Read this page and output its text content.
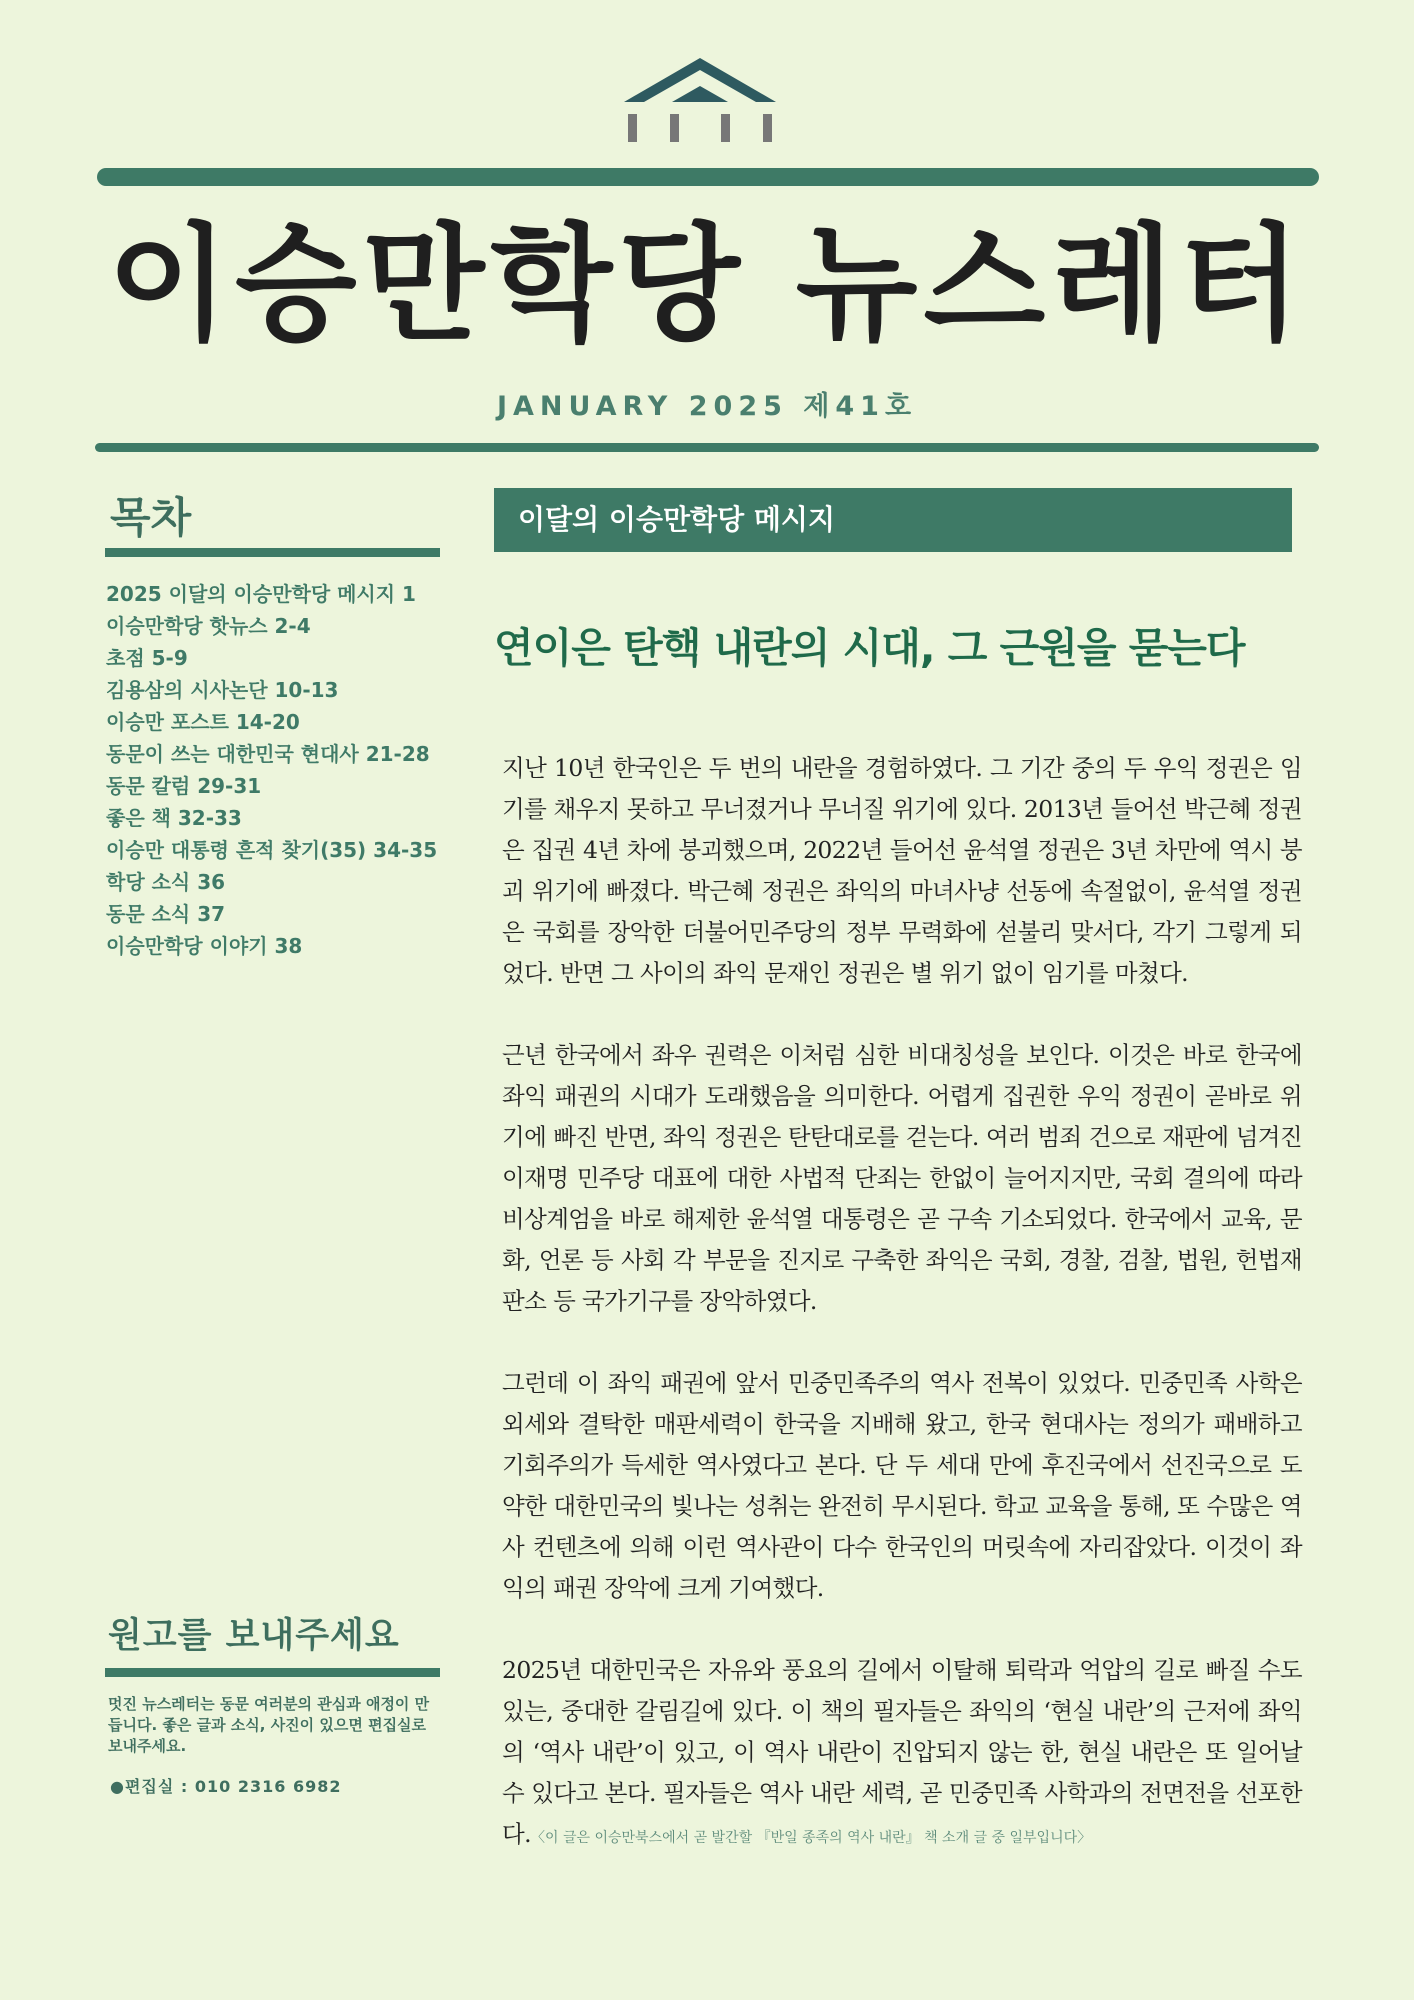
이승만학당 뉴스레터
JANUARY 2025 제41호
목차
2025 이달의 이승만학당 메시지 1
이승만학당 핫뉴스 2-4
초점 5-9
김용삼의 시사논단 10-13
이승만 포스트 14-20
동문이 쓰는 대한민국 현대사 21-28
동문 칼럼 29-31
좋은 책 32-33
이승만 대통령 흔적 찾기(35) 34-35
학당 소식 36
동문 소식 37
이승만학당 이야기 38
원고를 보내주세요
멋진 뉴스레터는 동문 여러분의 관심과 애정이 만듭니다. 좋은 글과 소식, 사진이 있으면 편집실로 보내주세요.
●편집실 : 010 2316 6982
이달의 이승만학당 메시지
연이은 탄핵 내란의 시대, 그 근원을 묻는다

지난 10년 한국인은 두 번의 내란을 경험하였다. 그 기간 중의 두 우익 정권은 임기를 채우지 못하고 무너졌거나 무너질 위기에 있다. 2013년 들어선 박근혜 정권은 집권 4년 차에 붕괴했으며, 2022년 들어선 윤석열 정권은 3년 차만에 역시 붕괴 위기에 빠졌다. 박근혜 정권은 좌익의 마녀사냥 선동에 속절없이, 윤석열 정권은 국회를 장악한 더불어민주당의 정부 무력화에 섣불리 맞서다, 각기 그렇게 되었다. 반면 그 사이의 좌익 문재인 정권은 별 위기 없이 임기를 마쳤다.

근년 한국에서 좌우 권력은 이처럼 심한 비대칭성을 보인다. 이것은 바로 한국에 좌익 패권의 시대가 도래했음을 의미한다. 어렵게 집권한 우익 정권이 곧바로 위기에 빠진 반면, 좌익 정권은 탄탄대로를 걷는다. 여러 범죄 건으로 재판에 넘겨진 이재명 민주당 대표에 대한 사법적 단죄는 한없이 늘어지지만, 국회 결의에 따라 비상계엄을 바로 해제한 윤석열 대통령은 곧 구속 기소되었다. 한국에서 교육, 문화, 언론 등 사회 각 부문을 진지로 구축한 좌익은 국회, 경찰, 검찰, 법원, 헌법재판소 등 국가기구를 장악하였다.

그런데 이 좌익 패권에 앞서 민중민족주의 역사 전복이 있었다. 민중민족 사학은 외세와 결탁한 매판세력이 한국을 지배해 왔고, 한국 현대사는 정의가 패배하고 기회주의가 득세한 역사였다고 본다. 단 두 세대 만에 후진국에서 선진국으로 도약한 대한민국의 빛나는 성취는 완전히 무시된다. 학교 교육을 통해, 또 수많은 역사 컨텐츠에 의해 이런 역사관이 다수 한국인의 머릿속에 자리잡았다. 이것이 좌익의 패권 장악에 크게 기여했다.

2025년 대한민국은 자유와 풍요의 길에서 이탈해 퇴락과 억압의 길로 빠질 수도 있는, 중대한 갈림길에 있다. 이 책의 필자들은 좌익의 ‘현실 내란’의 근저에 좌익의 ‘역사 내란’이 있고, 이 역사 내란이 진압되지 않는 한, 현실 내란은 또 일어날 수 있다고 본다. 필자들은 역사 내란 세력, 곧 민중민족 사학과의 전면전을 선포한다.〈이 글은 이승만북스에서 곧 발간할 『반일 종족의 역사 내란』 책 소개 글 중 일부입니다〉
